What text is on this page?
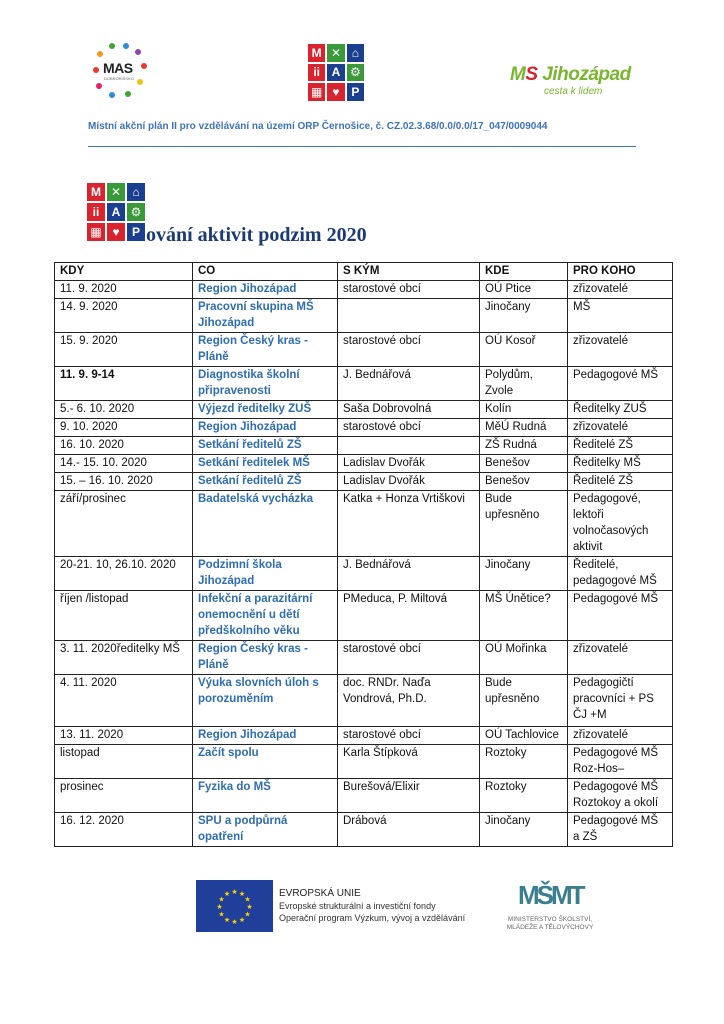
MAS
DOBRORIŠSKO
M ✕ ⌂
ii A ⚙
▦ ♥ P
MS Jihozápad
cesta k lidem
Místní akční plán II pro vzdělávání na území ORP Černošice, č. CZ.02.3.68/0.0/0.0/17_047/0009044
M ✕ ⌂
ii	A ⚙
▦ ♥	P ování aktivit podzim 2020
KDY	CO	S KÝM	KDE	PRO KOHO
11. 9. 2020	Region Jihozápad	starostové obcí	OÚ Ptice	zřizovatelé
14. 9. 2020	Pracovní skupina MŠ Jihozápad		Jinočany	MŠ
15. 9. 2020	Region Český kras - Pláně	starostové obcí	OÚ Kosoř	zřizovatelé
11. 9. 9-14	Diagnostika školní připravenosti	J. Bednářová	Polydům, Zvole	Pedagogové MŠ
5.- 6. 10. 2020	Výjezd ředitelky ZUŠ	Saša Dobrovolná	Kolín	Ředitelky ZUŠ
9. 10. 2020	Region Jihozápad	starostové obcí	MěÚ Rudná	zřizovatelé
16. 10. 2020	Setkání ředitelů ZŠ		ZŠ Rudná	Ředitelé ZŠ
14.- 15. 10. 2020	Setkání ředitelek MŠ	Ladislav Dvořák	Benešov	Ředitelky MŠ
15. – 16. 10. 2020	Setkání ředitelů ZŠ	Ladislav Dvořák	Benešov	Ředitelé ZŠ
září/prosinec	Badatelská vycházka	Katka + Honza Vrtiškovi	Bude upřesněno	Pedagogové, lektoři volnočasových aktivit
20-21. 10, 26.10. 2020	Podzimní škola Jihozápad	J. Bednářová	Jinočany	Ředitelé, pedagogové MŠ
říjen /listopad	Infekční a parazitární onemocnění u dětí předškolního věku	PMeduca, P. Miltová	MŠ Únětice?	Pedagogové MŠ
3. 11. 2020ředitelky MŠ	Region Český kras - Pláně	starostové obcí	OÚ Mořinka	zřizovatelé
4. 11. 2020	Výuka slovních úloh s porozuměním	doc. RNDr. Naďa Vondrová, Ph.D.	Bude upřesněno	Pedagogičtí pracovníci + PS ČJ +M
13. 11. 2020	Region Jihozápad	starostové obcí	OÚ Tachlovice	zřizovatelé
listopad	Začít spolu	Karla Štípková	Roztoky	Pedagogové MŠ Roz-Hos–
prosinec	Fyzika do MŠ	Burešová/Elixir	Roztoky	Pedagogové MŠ Roztokoy a okolí
16. 12. 2020	SPU a podpůrná opatření	Drábová	Jinočany	Pedagogové MŠ a ZŠ
★ ★
★
★
★
★
★
★
★
★
★
★	EVROPSKÁ UNIE
Evropské strukturální a investiční fondy
Operační program Výzkum, vývoj a vzdělávání
MŠMT
MINISTERSTVO ŠKOLSTVÍ,
MLÁDEŽE A TĚLOVÝCHOVY
